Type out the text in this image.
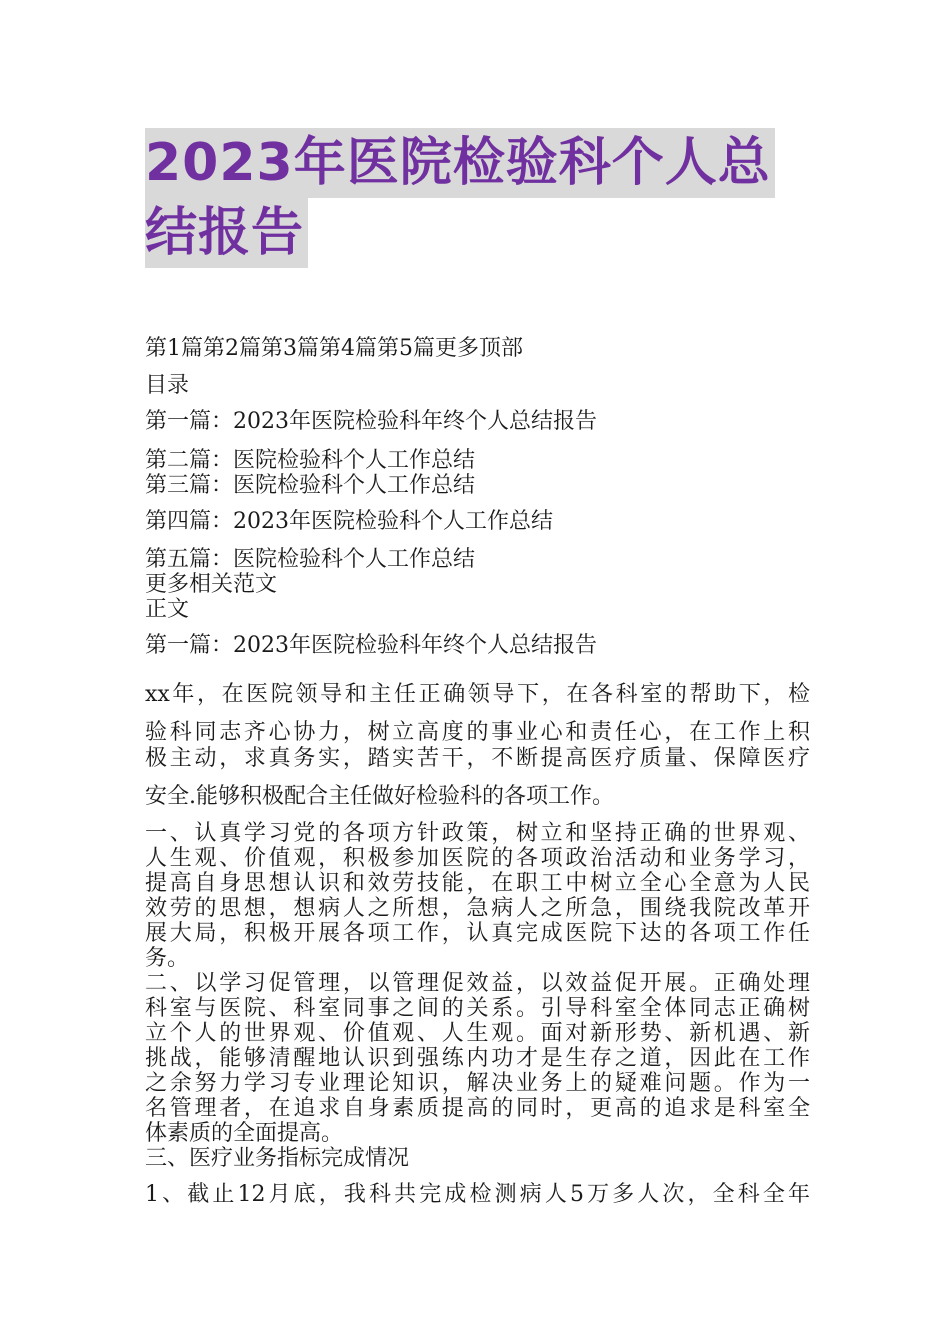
2023年医院检验科个人总
结报告
第1篇第2篇第3篇第4篇第5篇更多顶部
目录
第一篇：2023年医院检验科年终个人总结报告
第二篇：医院检验科个人工作总结
第三篇：医院检验科个人工作总结
第四篇：2023年医院检验科个人工作总结
第五篇：医院检验科个人工作总结
更多相关范文
正文
第一篇：2023年医院检验科年终个人总结报告
xx年，在医院领导和主任正确领导下，在各科室的帮助下，检
验科同志齐心协力，树立高度的事业心和责任心，在工作上积
极主动，求真务实，踏实苦干，不断提高医疗质量、保障医疗
安全.能够积极配合主任做好检验科的各项工作。
一、认真学习党的各项方针政策，树立和坚持正确的世界观、
人生观、价值观，积极参加医院的各项政治活动和业务学习，
提高自身思想认识和效劳技能，在职工中树立全心全意为人民
效劳的思想，想病人之所想，急病人之所急，围绕我院改革开
展大局，积极开展各项工作，认真完成医院下达的各项工作任
务。
二、以学习促管理，以管理促效益，以效益促开展。正确处理
科室与医院、科室同事之间的关系。引导科室全体同志正确树
立个人的世界观、价值观、人生观。面对新形势、新机遇、新
挑战，能够清醒地认识到强练内功才是生存之道，因此在工作
之余努力学习专业理论知识，解决业务上的疑难问题。作为一
名管理者，在追求自身素质提高的同时，更高的追求是科室全
体素质的全面提高。
三、医疗业务指标完成情况
1、截止12月底，我科共完成检测病人5万多人次，全科全年
